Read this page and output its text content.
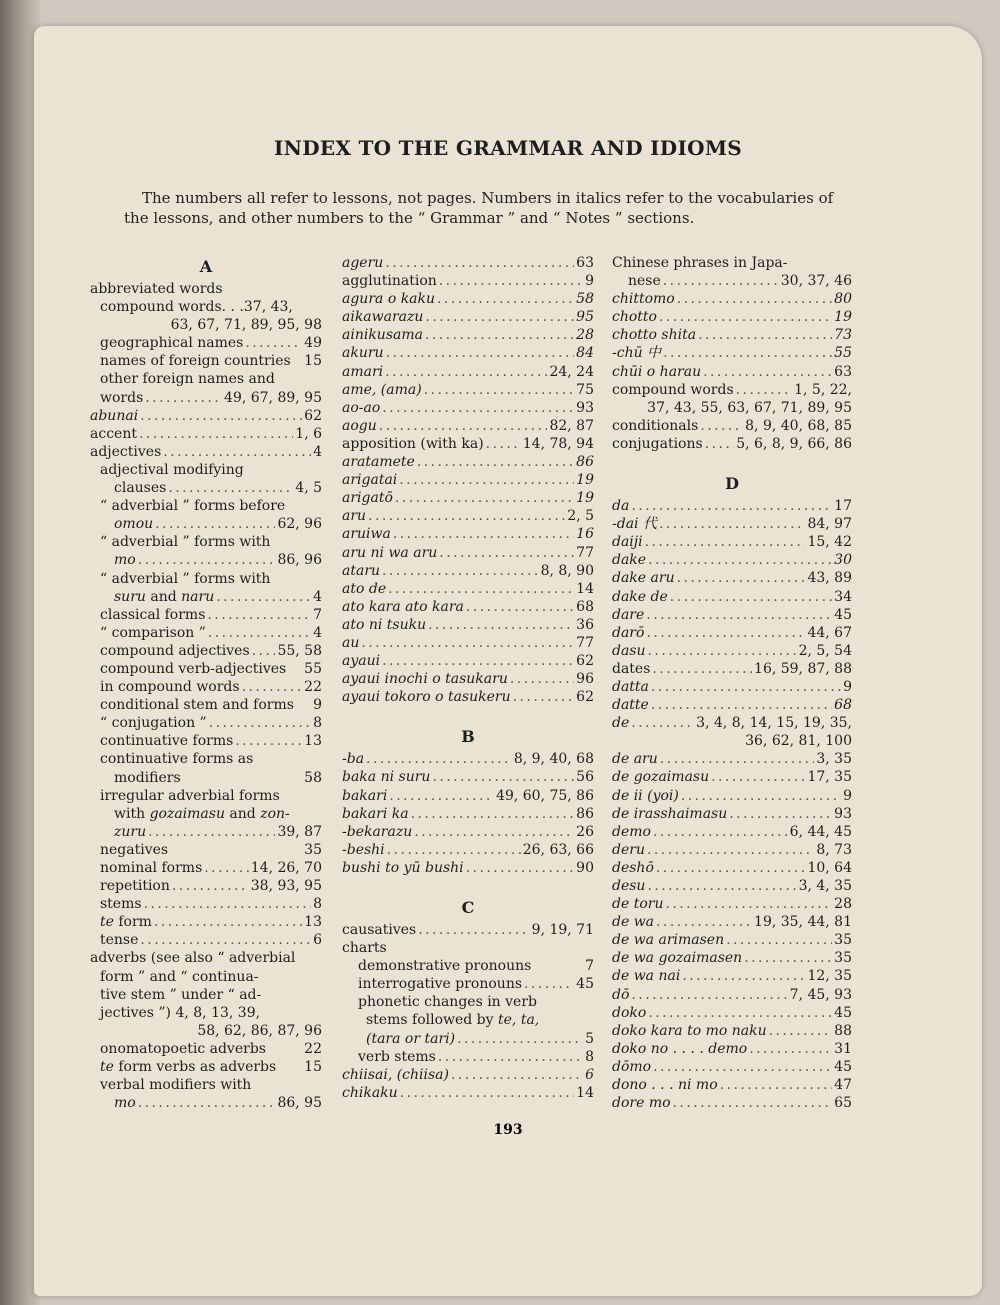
INDEX TO THE GRAMMAR AND IDIOMS
The numbers all refer to lessons, not pages. Numbers in italics refer to the vocabularies of the lessons, and other numbers to the “ Grammar ” and “ Notes ” sections.
A
abbreviated words
compound words. . .37, 43,
63, 67, 71, 89, 95, 98
geographical names . . .	49
names of foreign countries 15
other foreign names and
words . . .	49, 67, 89, 95
abunai . . .	62
accent . . .	1, 6
adjectives . . .	4
adjectival modifying
clauses . . .	4, 5
“ adverbial ” forms before
omou . . .	62, 96
“ adverbial ” forms with
mo . . .	86, 96
“ adverbial ” forms with
suru and naru . . .	4
classical forms . . .	7
“ comparison ” . . .	4
compound adjectives . . . 55, 58
compound verb-adjectives 55
in compound words . . .	22
conditional stem and forms 9
“ conjugation ” . . .	8
continuative forms . . .	13
continuative forms as
modifiers	58
irregular adverbial forms
with gozaimasu and zon-
zuru . . .	39, 87
negatives	35
nominal forms . . .	14, 26, 70
repetition . . .	38, 93, 95
stems . . .	8
te form . . .	13
tense . . .	6
adverbs (see also “ adverbial
form ” and “ continua-
tive stem ” under “ ad-
jectives ”) 4, 8, 13, 39,
58, 62, 86, 87, 96
onomatopoetic adverbs	22
te form verbs as adverbs 15
verbal modifiers with
mo . . .	86, 95
ageru . . .	63
agglutination . . .	9
agura o kaku . . .	58
aikawarazu . . .	95
ainikusama . . .	28
akuru . . .	84
amari . . .	24, 24
ame, (ama) . . .	75
ao-ao . . .	93
aogu . . .	82, 87
apposition (with ka) . . .	14, 78, 94
aratamete . . .	86
arigatai . . .	19
arigatō . . .	19
aru . . .	2, 5
aruiwa . . .	16
aru ni wa aru . . .	77
ataru . . .	8, 8, 90
ato de . . .	14
ato kara ato kara . . .	68
ato ni tsuku . . .	36
au . . .	77
ayaui . . .	62
ayaui inochi o tasukaru . . .	96
ayaui tokoro o tasukeru . . .	62
B
-ba . . .	8, 9, 40, 68
baka ni suru . . .	56
bakari . . .	49, 60, 75, 86
bakari ka . . .	86
-bekarazu . . .	26
-beshi . . .	26, 63, 66
bushi to yū bushi . . .	90
C
causatives . . .	9, 19, 71
charts
demonstrative pronouns	7
interrogative pronouns . . .	45
phonetic changes in verb
stems followed by te, ta,
(tara or tari) . . .	5
verb stems . . .	8
chiisai, (chiisa) . . .	6
chikaku . . .	14
Chinese phrases in Japa-
nese . . .	30, 37, 46
chittomo . . .	80
chotto . . .	19
chotto shita . . .	73
-chū 中 . . .	55
chūi o harau . . .	63
compound words . . .	1, 5, 22,
37, 43, 55, 63, 67, 71, 89, 95
conditionals . . .	8, 9, 40, 68, 85
conjugations . . . 5, 6, 8, 9, 66, 86
D
da . . .	17
-dai 代 . . .	84, 97
daiji . . .	15, 42
dake . . .	30
dake aru . . .	43, 89
dake de . . .	34
dare . . .	45
darō . . .	44, 67
dasu . . .	2, 5, 54
dates . . .	16, 59, 87, 88
datta . . .	9
datte . . .	68
de . . .	3, 4, 8, 14, 15, 19, 35,
36, 62, 81, 100
de aru . . .	3, 35
de gozaimasu . . .	17, 35
de ii (yoi) . . .	9
de irasshaimasu . . .	93
demo . . .	6, 44, 45
deru . . .	8, 73
deshō . . .	10, 64
desu . . .	3, 4, 35
de toru . . .	28
de wa . . .	19, 35, 44, 81
de wa arimasen . . .	35
de wa gozaimasen . . .	35
de wa nai . . .	12, 35
dō . . .	7, 45, 93
doko . . .	45
doko kara to mo naku . . .	88
doko no . . . . demo . . .	31
dōmo . . .	45
dono . . . ni mo . . .	47
dore mo . . .	65
193
